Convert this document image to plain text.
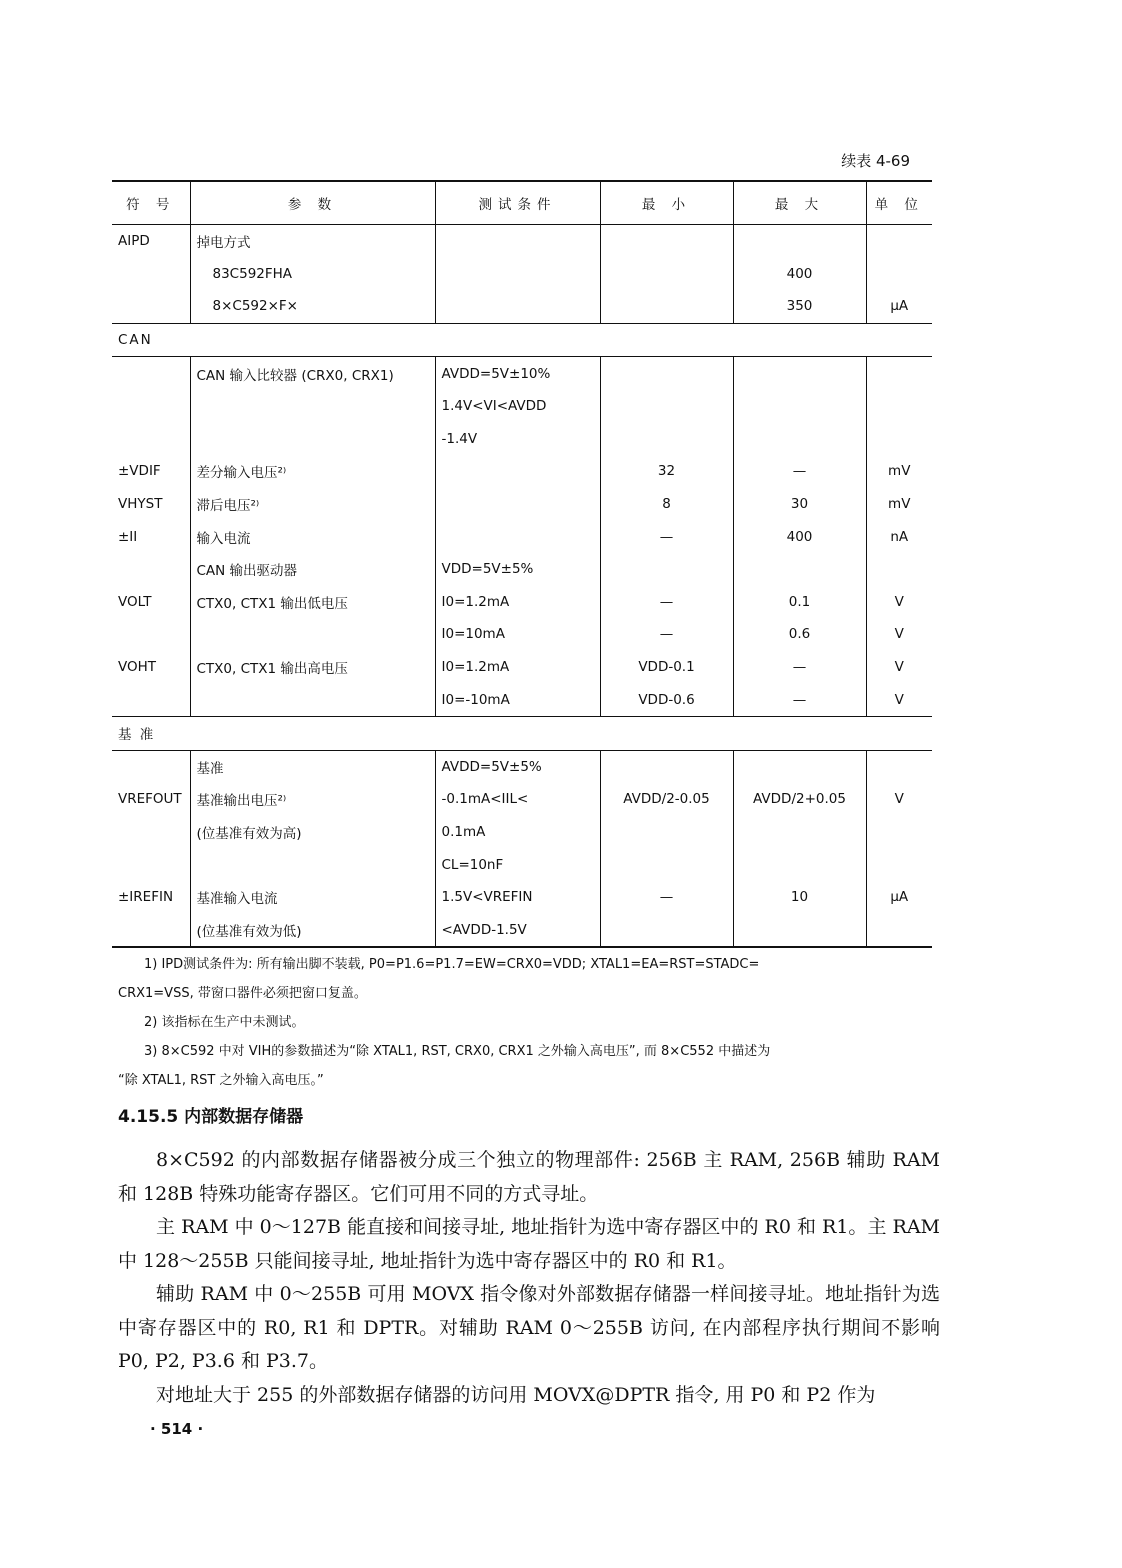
续表 4-69
符 号	参 数	测试条件	最 小	最 大	单 位
AIPD	掉电方式				
	83C592FHA			400	
	8×C592×F×			350	μA
CAN					
	CAN 输入比较器 (CRX0, CRX1)	AVDD=5V±10%			
		1.4V<VI<AVDD			
		-1.4V			
±VDIF	差分输入电压²⁾		32	—	mV
VHYST	滞后电压²⁾		8	30	mV
±II	输入电流		—	400	nA
	CAN 输出驱动器	VDD=5V±5%			
VOLT	CTX0, CTX1 输出低电压	I0=1.2mA	—	0.1	V
		I0=10mA	—	0.6	V
VOHT	CTX0, CTX1 输出高电压	I0=1.2mA	VDD-0.1	—	V
		I0=-10mA	VDD-0.6	—	V
基 准					
	基准	AVDD=5V±5%			
VREFOUT	基准输出电压²⁾	-0.1mA<IIL<	AVDD/2-0.05	AVDD/2+0.05	V
	(位基准有效为高)	0.1mA			
		CL=10nF			
±IREFIN	基准输入电流	1.5V<VREFIN	—	10	μA
	(位基准有效为低)	<AVDD-1.5V			
1) IPD测试条件为: 所有输出脚不装载, P0=P1.6=P1.7=EW=CRX0=VDD; XTAL1=EA=RST=STADC=
CRX1=VSS, 带窗口器件必须把窗口复盖。
2) 该指标在生产中未测试。
3) 8×C592 中对 VIH的参数描述为“除 XTAL1, RST, CRX0, CRX1 之外输入高电压”, 而 8×C552 中描述为
“除 XTAL1, RST 之外输入高电压。”
4.15.5 内部数据存储器

8×C592 的内部数据存储器被分成三个独立的物理部件: 256B 主 RAM, 256B 辅助 RAM 和 128B 特殊功能寄存器区。它们可用不同的方式寻址。

主 RAM 中 0～127B 能直接和间接寻址, 地址指针为选中寄存器区中的 R0 和 R1。主 RAM 中 128～255B 只能间接寻址, 地址指针为选中寄存器区中的 R0 和 R1。

辅助 RAM 中 0～255B 可用 MOVX 指令像对外部数据存储器一样间接寻址。地址指针为选中寄存器区中的 R0, R1 和 DPTR。对辅助 RAM 0～255B 访问, 在内部程序执行期间不影响 P0, P2, P3.6 和 P3.7。

对地址大于 255 的外部数据存储器的访问用 MOVX@DPTR 指令, 用 P0 和 P2 作为

· 514 ·
